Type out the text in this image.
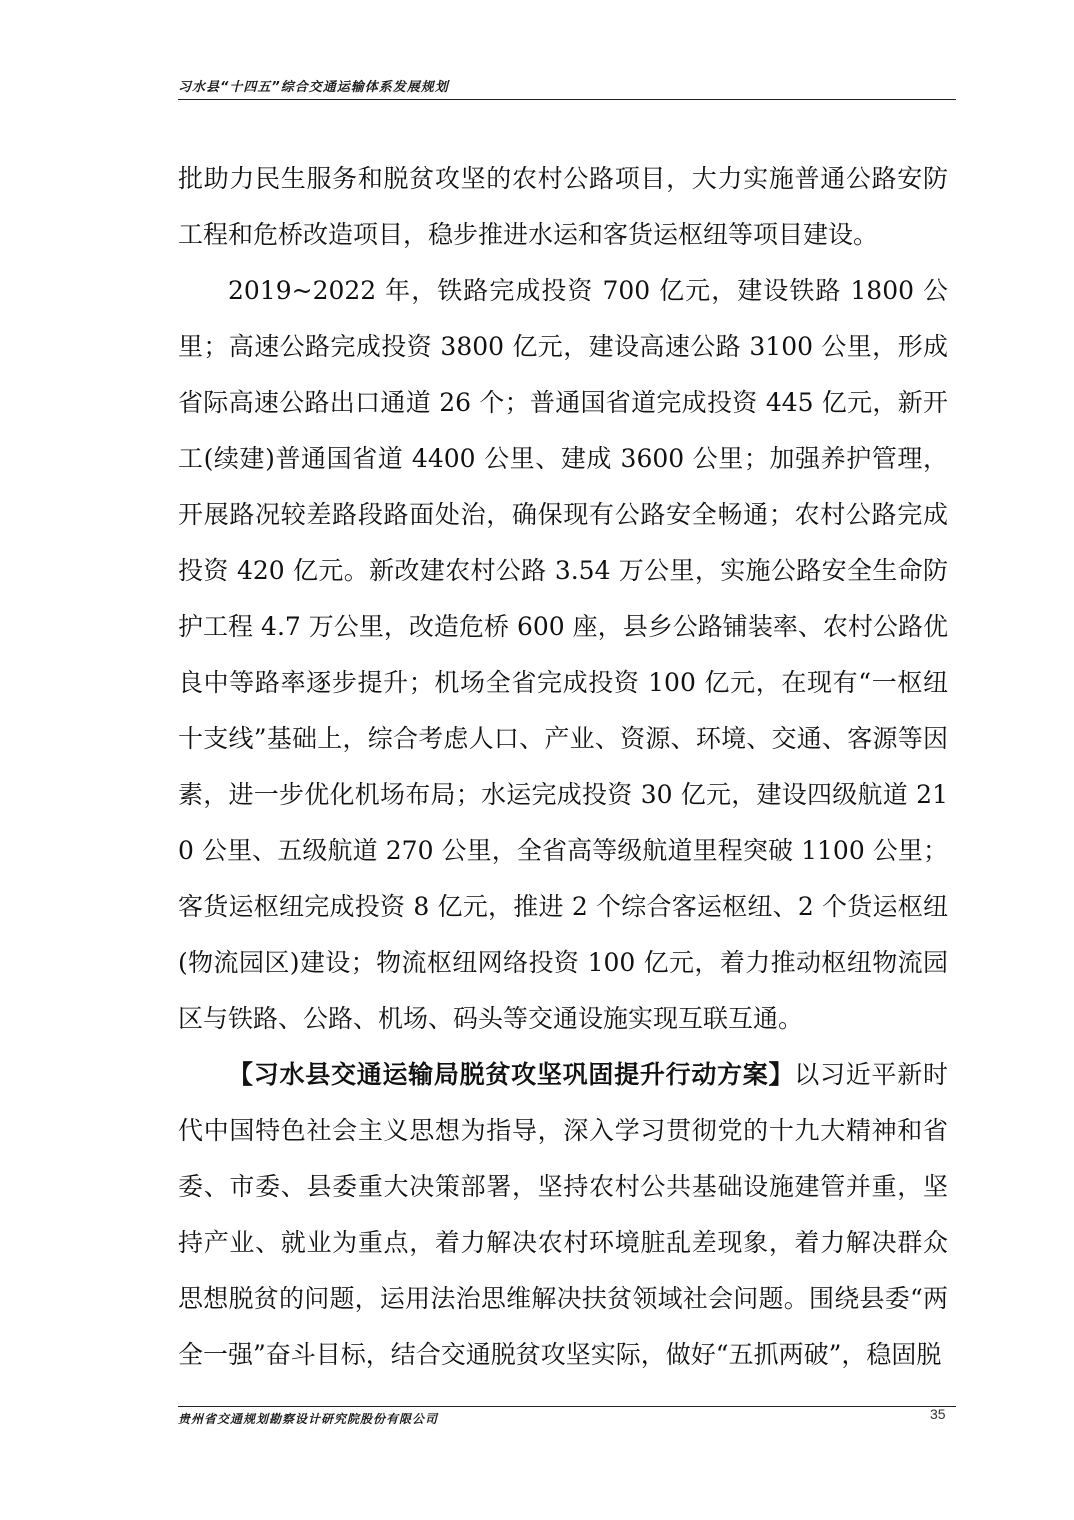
习水县“十四五”综合交通运输体系发展规划

批助力民生服务和脱贫攻坚的农村公路项目，大力实施普通公路安防工程和危桥改造项目，稳步推进水运和客货运枢纽等项目建设。

2019~2022 年，铁路完成投资 700 亿元，建设铁路 1800 公里；高速公路完成投资 3800 亿元，建设高速公路 3100 公里，形成省际高速公路出口通道 26 个；普通国省道完成投资 445 亿元，新开工(续建)普通国省道 4400 公里、建成 3600 公里；加强养护管理，开展路况较差路段路面处治，确保现有公路安全畅通；农村公路完成投资 420 亿元。新改建农村公路 3.54 万公里，实施公路安全生命防护工程 4.7 万公里，改造危桥 600 座，县乡公路铺装率、农村公路优良中等路率逐步提升；机场全省完成投资 100 亿元，在现有“一枢纽十支线”基础上，综合考虑人口、产业、资源、环境、交通、客源等因素，进一步优化机场布局；水运完成投资 30 亿元，建设四级航道 210 公里、五级航道 270 公里，全省高等级航道里程突破 1100 公里；客货运枢纽完成投资 8 亿元，推进 2 个综合客运枢纽、2 个货运枢纽(物流园区)建设；物流枢纽网络投资 100 亿元，着力推动枢纽物流园区与铁路、公路、机场、码头等交通设施实现互联互通。

【习水县交通运输局脱贫攻坚巩固提升行动方案】以习近平新时代中国特色社会主义思想为指导，深入学习贯彻党的十九大精神和省委、市委、县委重大决策部署，坚持农村公共基础设施建管并重，坚持产业、就业为重点，着力解决农村环境脏乱差现象，着力解决群众思想脱贫的问题，运用法治思维解决扶贫领域社会问题。围绕县委“两全一强”奋斗目标，结合交通脱贫攻坚实际，做好“五抓两破”，稳固脱

贵州省交通规划勘察设计研究院股份有限公司	35
